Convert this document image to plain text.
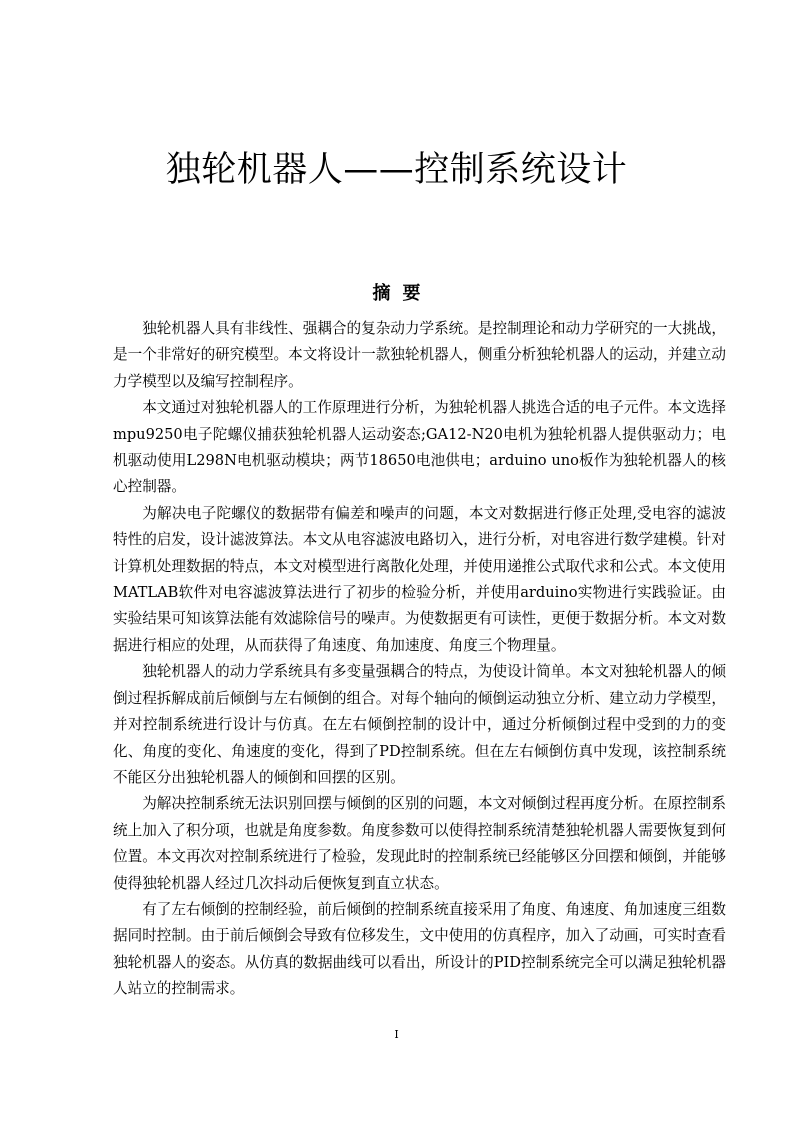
独轮机器人——控制系统设计
摘要

独轮机器人具有非线性、强耦合的复杂动力学系统。是控制理论和动力学研究的一大挑战，是一个非常好的研究模型。本文将设计一款独轮机器人，侧重分析独轮机器人的运动，并建立动力学模型以及编写控制程序。

本文通过对独轮机器人的工作原理进行分析，为独轮机器人挑选合适的电子元件。本文选择mpu9250电子陀螺仪捕获独轮机器人运动姿态;GA12-N20电机为独轮机器人提供驱动力；电机驱动使用L298N电机驱动模块；两节18650电池供电；arduino uno板作为独轮机器人的核心控制器。

为解决电子陀螺仪的数据带有偏差和噪声的问题，本文对数据进行修正处理,受电容的滤波特性的启发，设计滤波算法。本文从电容滤波电路切入，进行分析，对电容进行数学建模。针对计算机处理数据的特点，本文对模型进行离散化处理，并使用递推公式取代求和公式。本文使用MATLAB软件对电容滤波算法进行了初步的检验分析，并使用arduino实物进行实践验证。由实验结果可知该算法能有效滤除信号的噪声。为使数据更有可读性，更便于数据分析。本文对数据进行相应的处理，从而获得了角速度、角加速度、角度三个物理量。

独轮机器人的动力学系统具有多变量强耦合的特点，为使设计简单。本文对独轮机器人的倾倒过程拆解成前后倾倒与左右倾倒的组合。对每个轴向的倾倒运动独立分析、建立动力学模型，并对控制系统进行设计与仿真。在左右倾倒控制的设计中，通过分析倾倒过程中受到的力的变化、角度的变化、角速度的变化，得到了PD控制系统。但在左右倾倒仿真中发现，该控制系统不能区分出独轮机器人的倾倒和回摆的区别。

为解决控制系统无法识别回摆与倾倒的区别的问题，本文对倾倒过程再度分析。在原控制系统上加入了积分项，也就是角度参数。角度参数可以使得控制系统清楚独轮机器人需要恢复到何位置。本文再次对控制系统进行了检验，发现此时的控制系统已经能够区分回摆和倾倒，并能够使得独轮机器人经过几次抖动后便恢复到直立状态。

有了左右倾倒的控制经验，前后倾倒的控制系统直接采用了角度、角速度、角加速度三组数据同时控制。由于前后倾倒会导致有位移发生，文中使用的仿真程序，加入了动画，可实时查看独轮机器人的姿态。从仿真的数据曲线可以看出，所设计的PID控制系统完全可以满足独轮机器人站立的控制需求。

I
